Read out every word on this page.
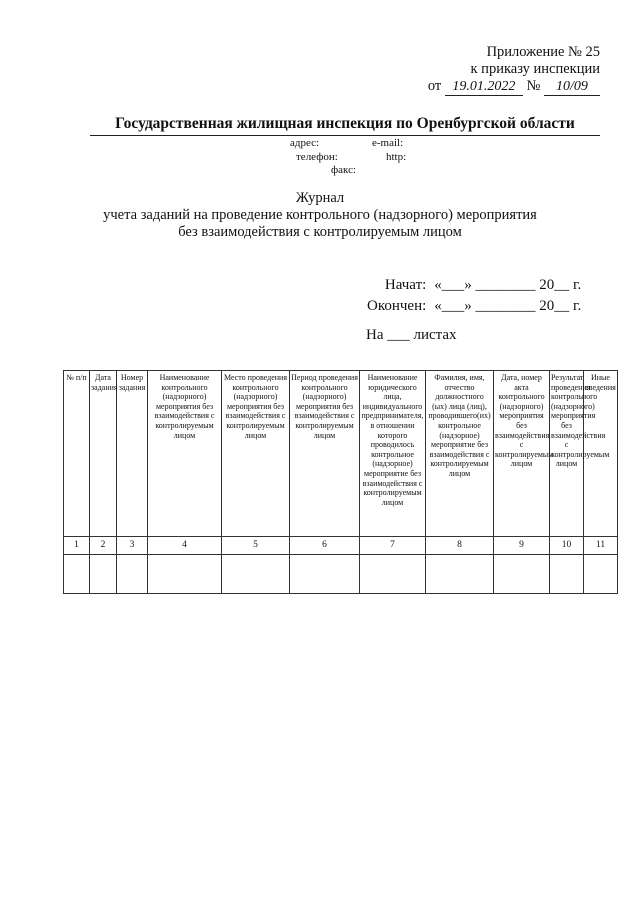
Приложение № 25
к приказу инспекции
от 19.01.2022 № 10/09
Государственная жилищная инспекция по Оренбургской области
адрес:	e-mail:
телефон:	http:
факс:
Журнал
учета заданий на проведение контрольного (надзорного) мероприятия
без взаимодействия с контролируемым лицом
Начат:	«___» ________ 20__ г.
Окончен:	«___» ________ 20__ г.
На ___ листах
№ п/п	Дата задания	Номер задания	Наименование контрольного (надзорного) мероприятия без взаимодействия с контролируемым лицом	Место проведения контрольного (надзорного) мероприятия без взаимодействия с контролируемым лицом	Период проведения контрольного (надзорного) мероприятия без взаимодействия с контролируемым лицом	Наименование юридического лица, индивидуального предпринимателя, в отношении которого проводилось контрольное (надзорное) мероприятие без взаимодействия с контролируемым лицом	Фамилия, имя, отчество должностного (ых) лица (лиц), проводившего(их) контрольное (надзорное) мероприятие без взаимодействия с контролируемым лицом	Дата, номер акта контрольного (надзорного) мероприятия без взаимодействия с контролируемым лицом	Результат проведения контрольного (надзорного) мероприятия без взаимодействия с контролируемым лицом	Иные сведения
1	2	3	4	5	6	7	8	9	10	11
